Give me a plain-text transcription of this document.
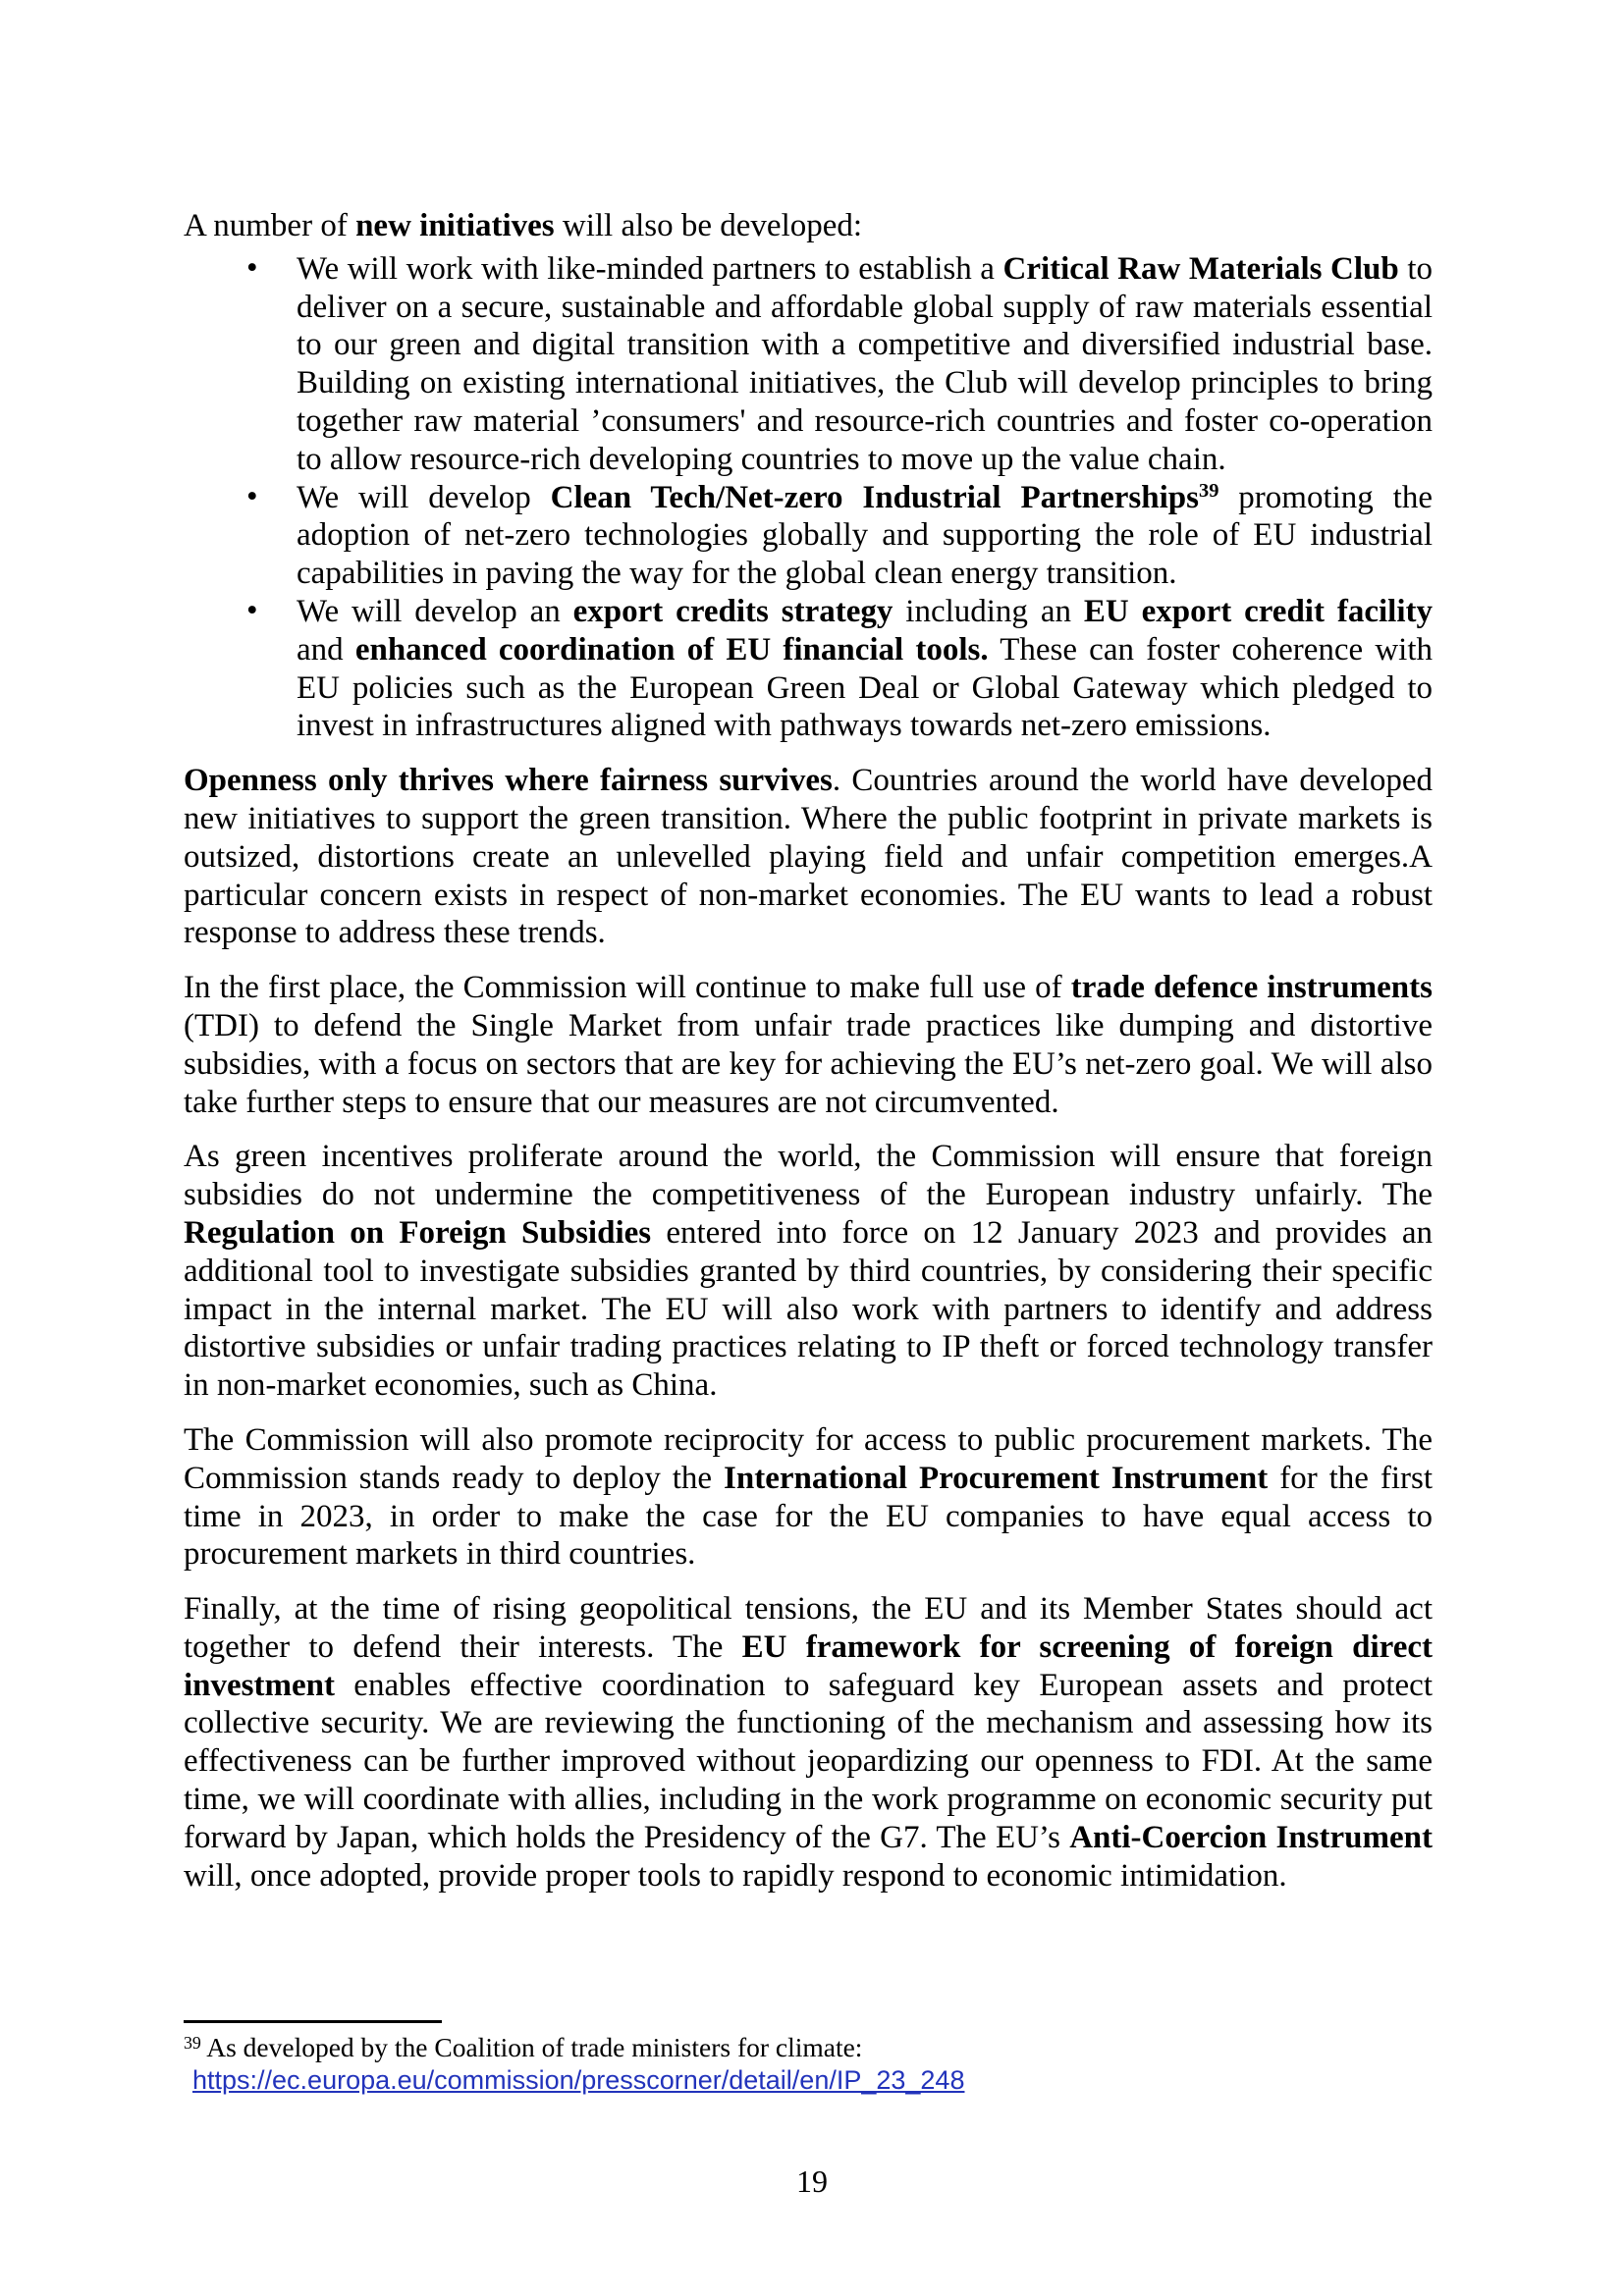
A number of new initiatives will also be developed:

• We will work with like-minded partners to establish a Critical Raw Materials Club to deliver on a secure, sustainable and affordable global supply of raw materials essential to our green and digital transition with a competitive and diversified industrial base. Building on existing international initiatives, the Club will develop principles to bring together raw material ’consumers' and resource-rich countries and foster co-operation to allow resource-rich developing countries to move up the value chain.
• We will develop Clean Tech/Net-zero Industrial Partnerships$^{39}$ promoting the adoption of net-zero technologies globally and supporting the role of EU industrial capabilities in paving the way for the global clean energy transition.
• We will develop an export credits strategy including an EU export credit facility and enhanced coordination of EU financial tools. These can foster coherence with EU policies such as the European Green Deal or Global Gateway which pledged to invest in infrastructures aligned with pathways towards net-zero emissions.

Openness only thrives where fairness survives. Countries around the world have developed new initiatives to support the green transition. Where the public footprint in private markets is outsized, distortions create an unlevelled playing field and unfair competition emerges.A particular concern exists in respect of non-market economies. The EU wants to lead a robust response to address these trends.

In the first place, the Commission will continue to make full use of trade defence instruments (TDI) to defend the Single Market from unfair trade practices like dumping and distortive subsidies, with a focus on sectors that are key for achieving the EU’s net-zero goal. We will also take further steps to ensure that our measures are not circumvented.

As green incentives proliferate around the world, the Commission will ensure that foreign subsidies do not undermine the competitiveness of the European industry unfairly. The Regulation on Foreign Subsidies entered into force on 12 January 2023 and provides an additional tool to investigate subsidies granted by third countries, by considering their specific impact in the internal market. The EU will also work with partners to identify and address distortive subsidies or unfair trading practices relating to IP theft or forced technology transfer in non-market economies, such as China.

The Commission will also promote reciprocity for access to public procurement markets. The Commission stands ready to deploy the International Procurement Instrument for the first time in 2023, in order to make the case for the EU companies to have equal access to procurement markets in third countries.

Finally, at the time of rising geopolitical tensions, the EU and its Member States should act together to defend their interests. The EU framework for screening of foreign direct investment enables effective coordination to safeguard key European assets and protect collective security. We are reviewing the functioning of the mechanism and assessing how its effectiveness can be further improved without jeopardizing our openness to FDI. At the same time, we will coordinate with allies, including in the work programme on economic security put forward by Japan, which holds the Presidency of the G7. The EU’s Anti-Coercion Instrument will, once adopted, provide proper tools to rapidly respond to economic intimidation.

$^{39}$ As developed by the Coalition of trade ministers for climate:
https://ec.europa.eu/commission/presscorner/detail/en/IP_23_248
19
